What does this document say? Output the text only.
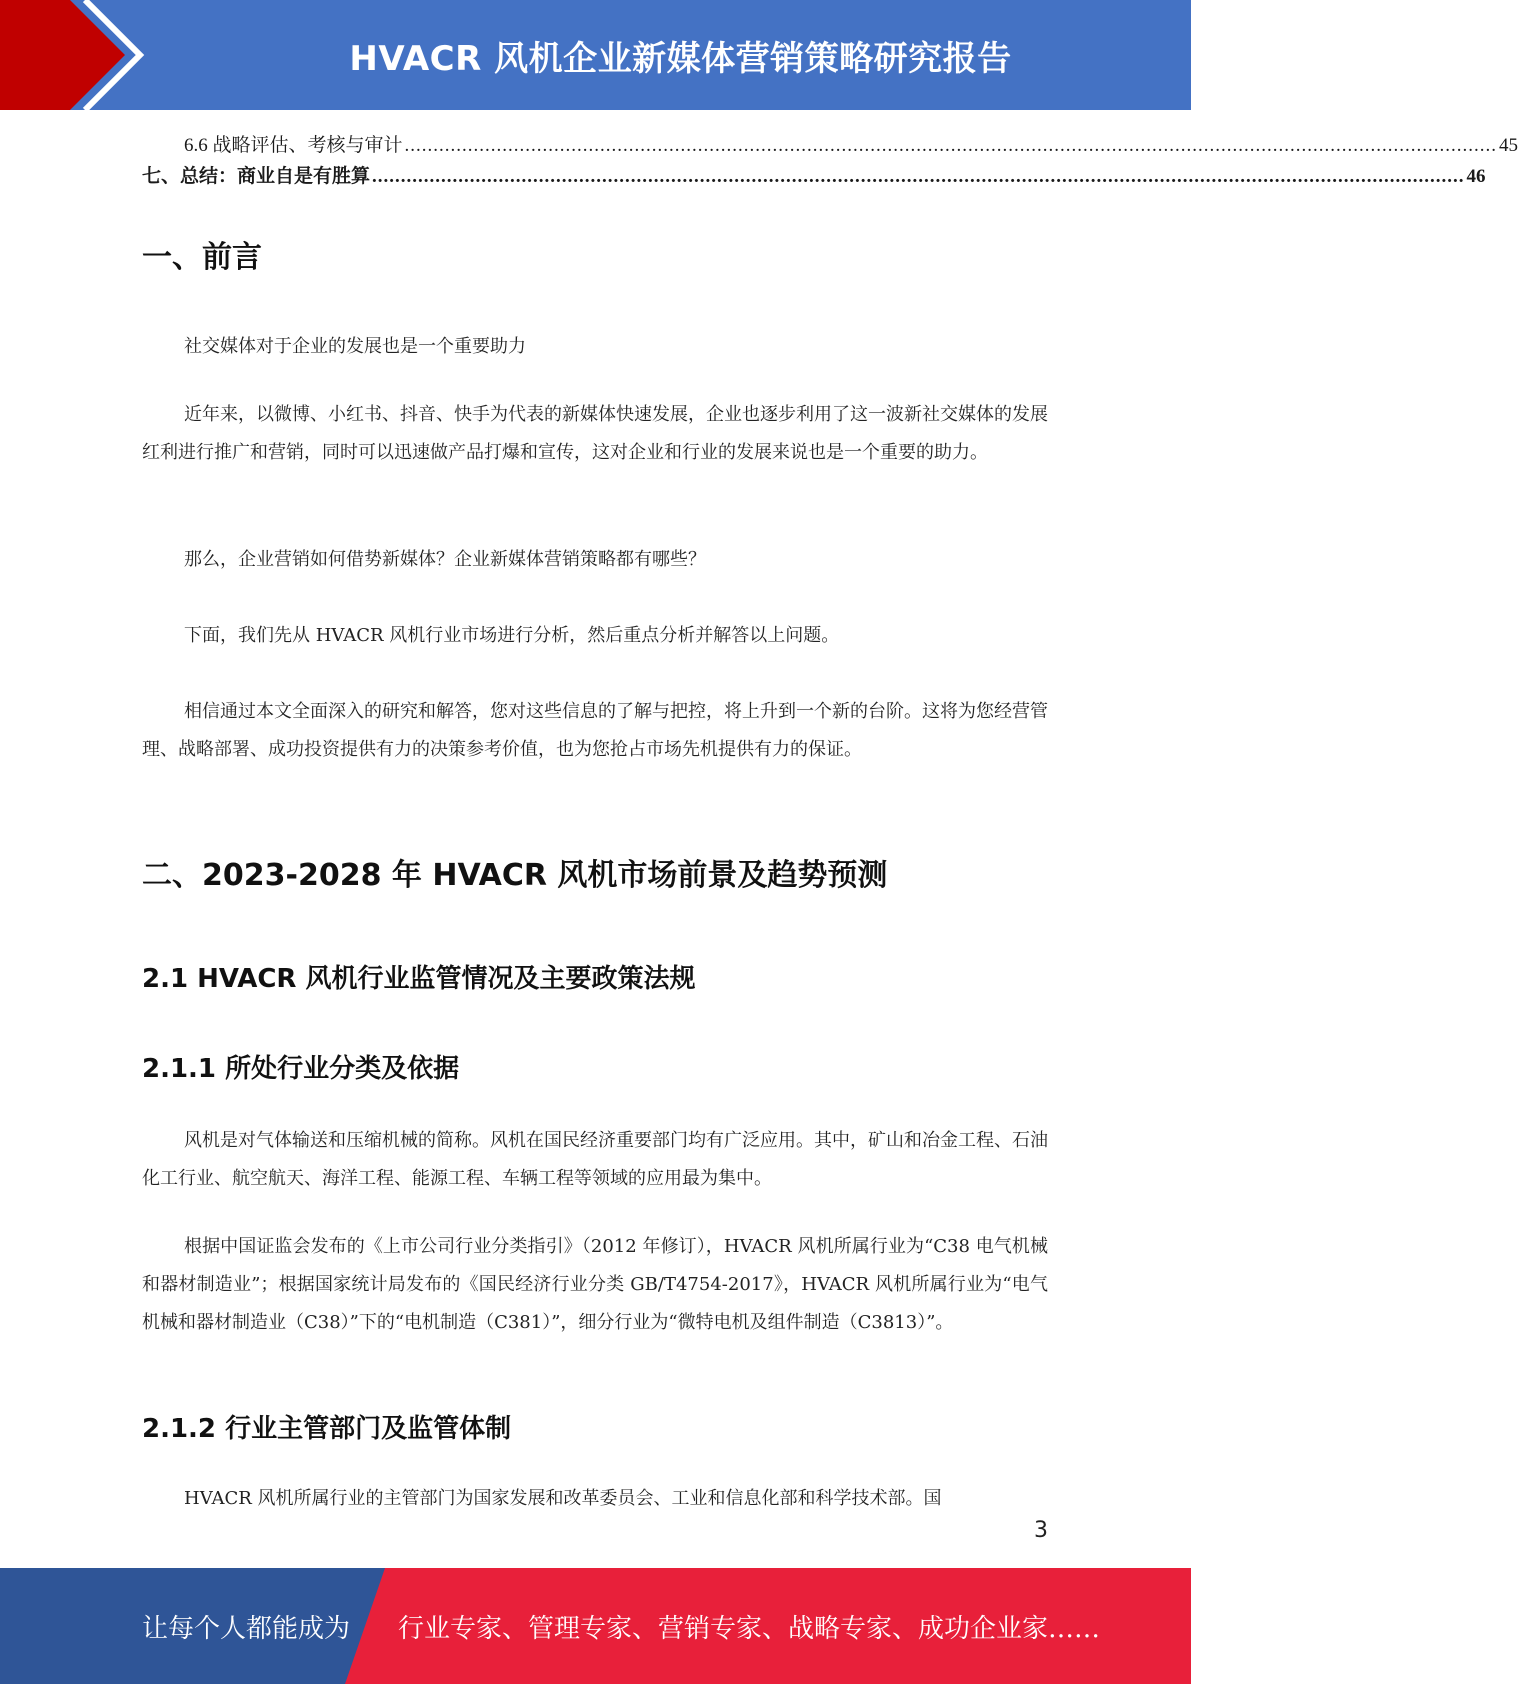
HVACR 风机企业新媒体营销策略研究报告
6.6 战略评估、考核与审计 .............................................................................................................................................................................................. 45
七、总结：商业自是有胜算 .............................................................................................................................................................................................. 46
一、前言

社交媒体对于企业的发展也是一个重要助力

近年来，以微博、小红书、抖音、快手为代表的新媒体快速发展，企业也逐步利用了这一波新社交媒体的发展红利进行推广和营销，同时可以迅速做产品打爆和宣传，这对企业和行业的发展来说也是一个重要的助力。

那么，企业营销如何借势新媒体？企业新媒体营销策略都有哪些？

下面，我们先从 HVACR 风机行业市场进行分析，然后重点分析并解答以上问题。

相信通过本文全面深入的研究和解答，您对这些信息的了解与把控，将上升到一个新的台阶。这将为您经营管理、战略部署、成功投资提供有力的决策参考价值，也为您抢占市场先机提供有力的保证。

二、2023-2028 年 HVACR 风机市场前景及趋势预测
2.1 HVACR 风机行业监管情况及主要政策法规
2.1.1 所处行业分类及依据

风机是对气体输送和压缩机械的简称。风机在国民经济重要部门均有广泛应用。其中，矿山和冶金工程、石油化工行业、航空航天、海洋工程、能源工程、车辆工程等领域的应用最为集中。

根据中国证监会发布的《上市公司行业分类指引》（2012 年修订），HVACR 风机所属行业为“C38 电气机械和器材制造业”；根据国家统计局发布的《国民经济行业分类 GB/T4754-2017》，HVACR 风机所属行业为“电气机械和器材制造业（C38）”下的“电机制造（C381）”，细分行业为“微特电机及组件制造（C3813）”。

2.1.2 行业主管部门及监管体制

HVACR 风机所属行业的主管部门为国家发展和改革委员会、工业和信息化部和科学技术部。国

3
让每个人都能成为 行业专家、管理专家、营销专家、战略专家、成功企业家……
